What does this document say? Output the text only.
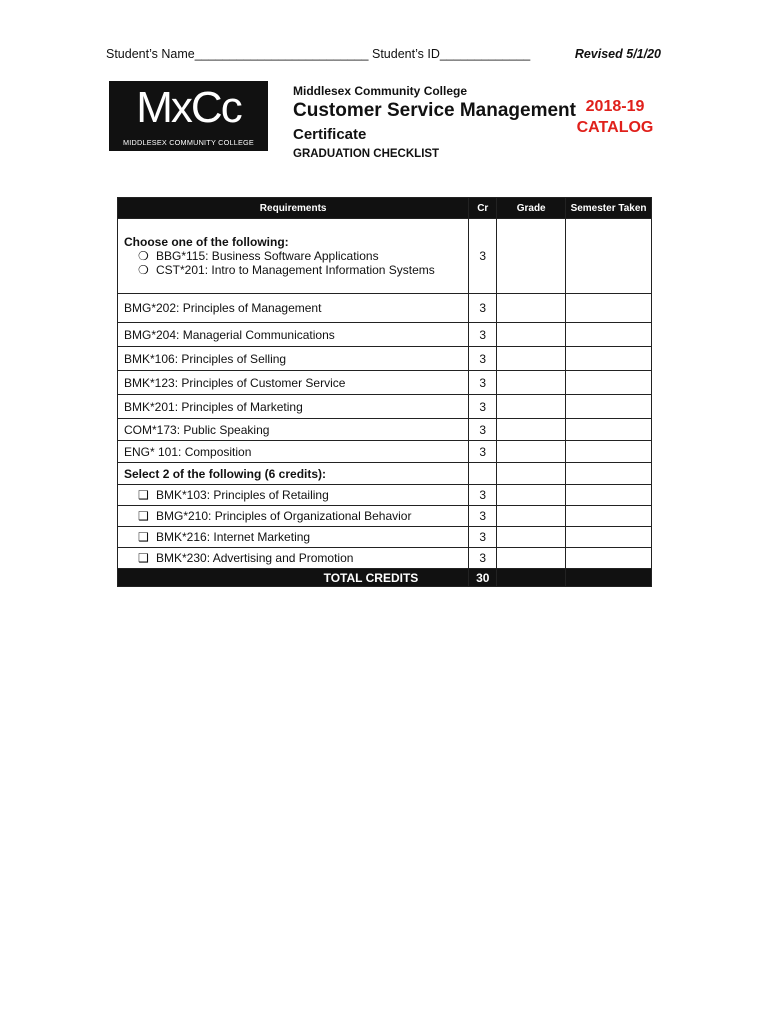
Student’s Name_________________________ Student’s ID_____________	Revised 5/1/20
MxCc
MIDDLESEX COMMUNITY COLLEGE
Middlesex Community College
Customer Service Management
Certificate
GRADUATION CHECKLIST
2018-19
CATALOG
Requirements	Cr	Grade	Semester Taken

Choose one of the following:
❍ BBG*115: Business Software Applications
❍ CST*201: Intro to Management Information Systems	3		
BMG*202: Principles of Management	3		
BMG*204: Managerial Communications	3		
BMK*106: Principles of Selling	3		
BMK*123: Principles of Customer Service	3		
BMK*201: Principles of Marketing	3		
COM*173: Public Speaking	3		
ENG* 101: Composition	3		
Select 2 of the following (6 credits):			

❑ BMK*103: Principles of Retailing	3		

❑ BMG*210: Principles of Organizational Behavior	3		

❑ BMK*216: Internet Marketing	3		

❑ BMK*230: Advertising and Promotion	3		
TOTAL CREDITS	30		
